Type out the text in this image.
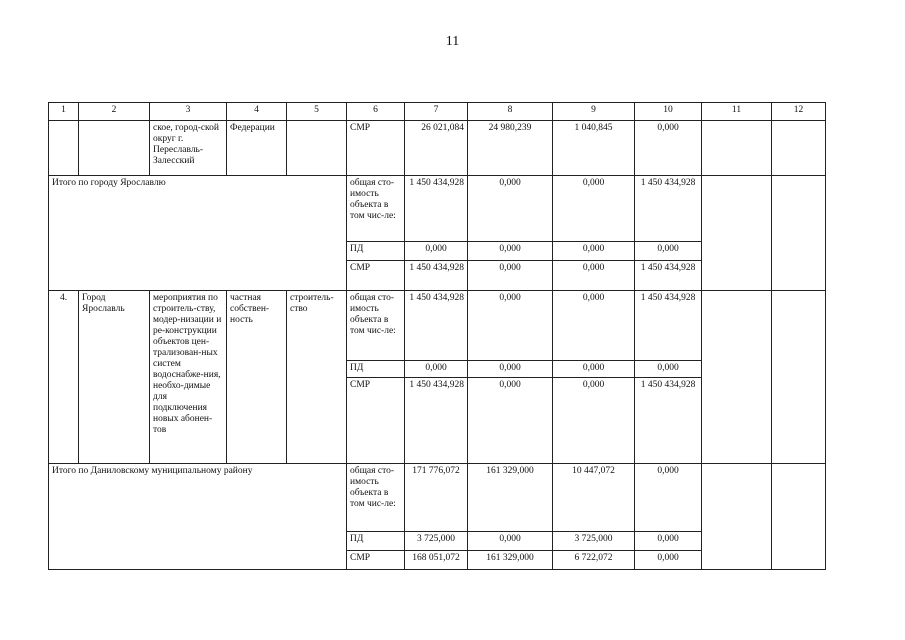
11
1	2	3	4	5	6	7	8	9	10	11	12
		ское, город-ской округ г. Переславль-Залесский	Федерации		СМР	26 021,084	24 980,239	1 040,845	0,000		
Итого по городу Ярославлю					общая сто-имость объекта в том чис-ле:	1 450 434,928	0,000	0,000	1 450 434,928		
					ПД	0,000	0,000	0,000	0,000		
					СМР	1 450 434,928	0,000	0,000	1 450 434,928		
4.	Город Ярославль	мероприятия по строитель-ству, модер-низации и ре-конструкции объектов цен-трализован-ных систем водоснабже-ния, необхо-димые для подключения новых абонен-тов	частная собствен-ность	строитель-ство	общая сто-имость объекта в том чис-ле:	1 450 434,928	0,000	0,000	1 450 434,928		
					ПД	0,000	0,000	0,000	0,000		
					СМР	1 450 434,928	0,000	0,000	1 450 434,928		
Итого по Даниловскому муниципальному району					общая сто-имость объекта в том чис-ле:	171 776,072	161 329,000	10 447,072	0,000		
					ПД	3 725,000	0,000	3 725,000	0,000		
					СМР	168 051,072	161 329,000	6 722,072	0,000		
